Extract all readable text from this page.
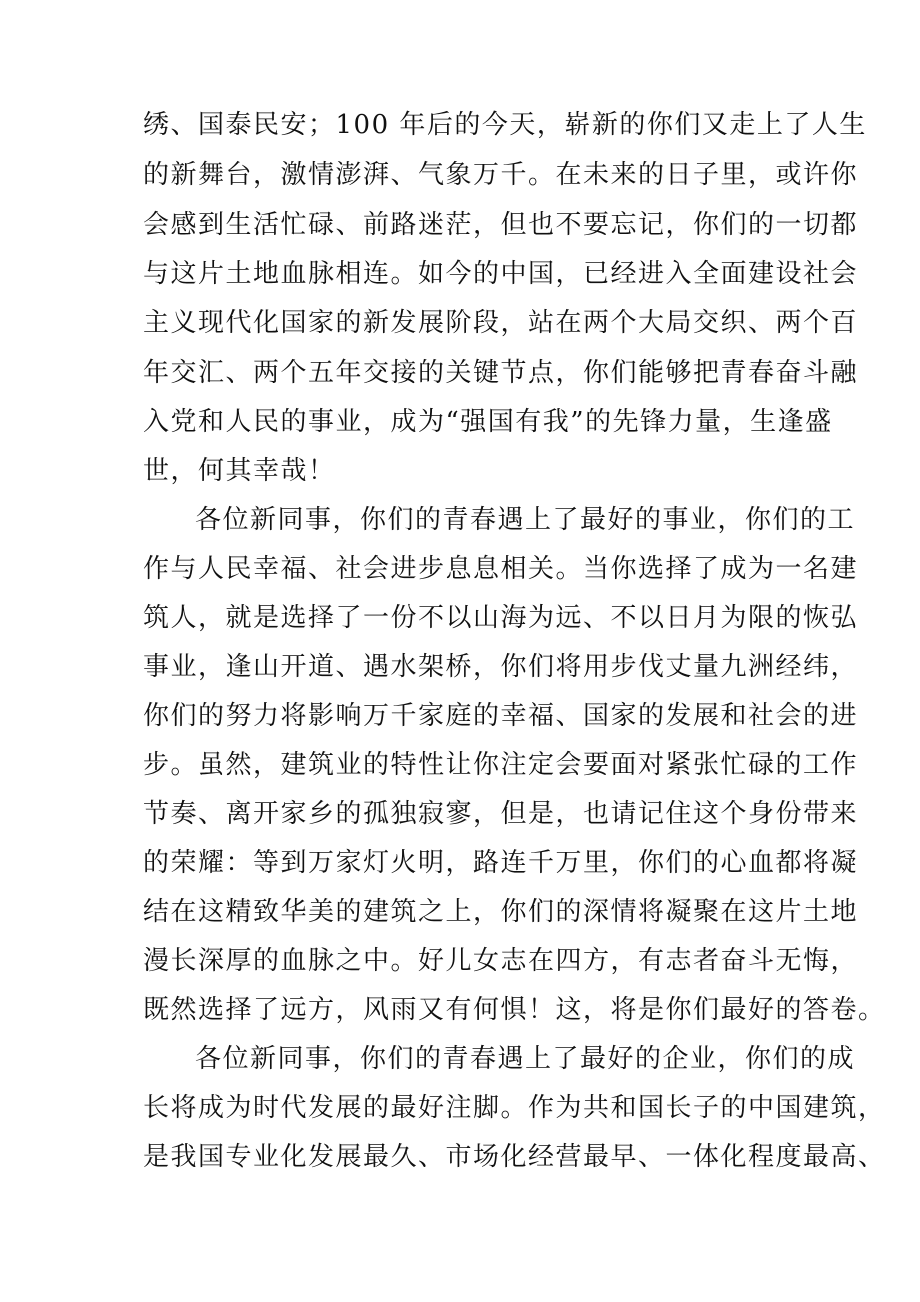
绣、国泰民安；100 年后的今天，崭新的你们又走上了人生
的新舞台，激情澎湃、气象万千。在未来的日子里，或许你
会感到生活忙碌、前路迷茫，但也不要忘记，你们的一切都
与这片土地血脉相连。如今的中国，已经进入全面建设社会
主义现代化国家的新发展阶段，站在两个大局交织、两个百
年交汇、两个五年交接的关键节点，你们能够把青春奋斗融
入党和人民的事业，成为“强国有我”的先锋力量，生逢盛
世，何其幸哉！
各位新同事，你们的青春遇上了最好的事业，你们的工
作与人民幸福、社会进步息息相关。当你选择了成为一名建
筑人，就是选择了一份不以山海为远、不以日月为限的恢弘
事业，逢山开道、遇水架桥，你们将用步伐丈量九洲经纬，
你们的努力将影响万千家庭的幸福、国家的发展和社会的进
步。虽然，建筑业的特性让你注定会要面对紧张忙碌的工作
节奏、离开家乡的孤独寂寥，但是，也请记住这个身份带来
的荣耀：等到万家灯火明，路连千万里，你们的心血都将凝
结在这精致华美的建筑之上，你们的深情将凝聚在这片土地
漫长深厚的血脉之中。好儿女志在四方，有志者奋斗无悔，
既然选择了远方，风雨又有何惧！这，将是你们最好的答卷。
各位新同事，你们的青春遇上了最好的企业，你们的成
长将成为时代发展的最好注脚。作为共和国长子的中国建筑，
是我国专业化发展最久、市场化经营最早、一体化程度最高、
